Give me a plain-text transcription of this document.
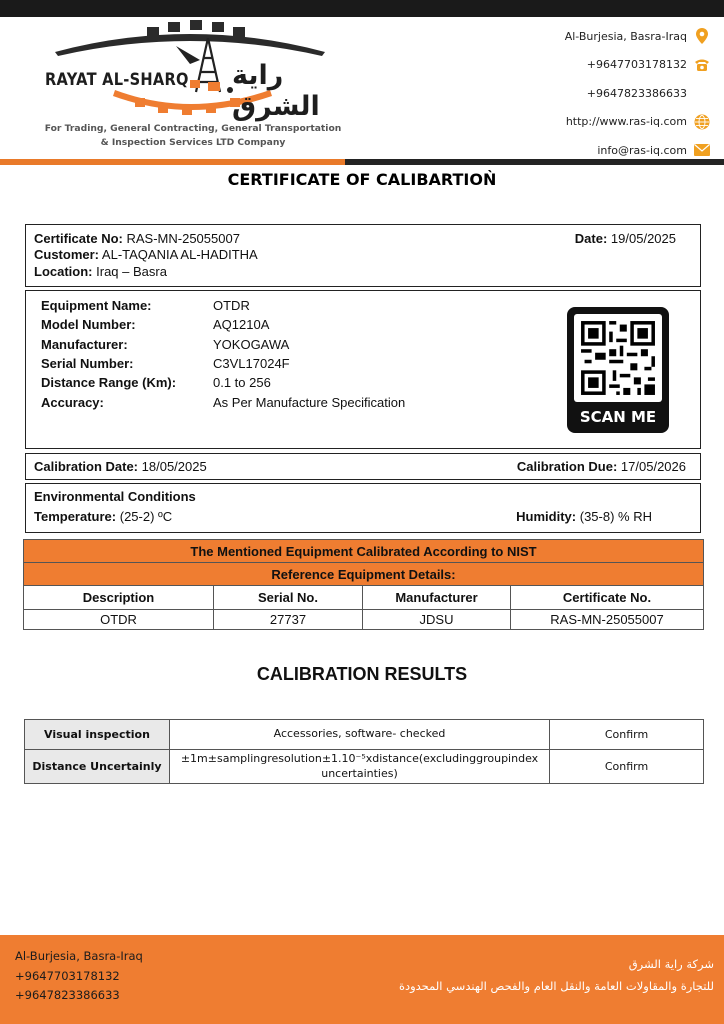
RAYAT AL-SHARQ راية الشرق
For Trading, General Contracting, General Transportation
& Inspection Services LTD Company
Al-Burjesia, Basra-Iraq
+9647703178132
+9647823386633
http://www.ras-iq.com
info@ras-iq.com
CERTIFICATE OF CALIBARTIОǸ
Certificate No: RAS-MN-25055007	Date: 19/05/2025
Customer: AL-TAQANIA AL-HADITHA
Location: Iraq – Basra
Equipment Name:	OTDR
Model Number:	AQ1210A
Manufacturer:	YOKOGAWA
Serial Number:	C3VL17024F
Distance Range (Km):	0.1 to 256
Accuracy:	As Per Manufacture Specification
SCAN ME
Calibration Date: 18/05/2025	Calibration Due: 17/05/2026
Environmental Conditions
Temperature: (25-2) ºC	Humidity: (35-8) % RH
The Mentioned Equipment Calibrated According to NIST			
Reference Equipment Details:			
Description	Serial No.	Manufacturer	Certificate No.
OTDR	27737	JDSU	RAS-MN-25055007
CALIBRATION RESULTS
Visual inspection	Accessories, software- checked	Confirm
Distance Uncertainly	±1m±samplingresolution±1.10⁻⁵xdistance(excludinggroupindex uncertainties)	Confirm
Al-Burjesia, Basra-Iraq
+9647703178132
+9647823386633
شركة راية الشرق
للتجارة والمقاولات العامة والنقل العام والفحص الهندسي المحدودة
